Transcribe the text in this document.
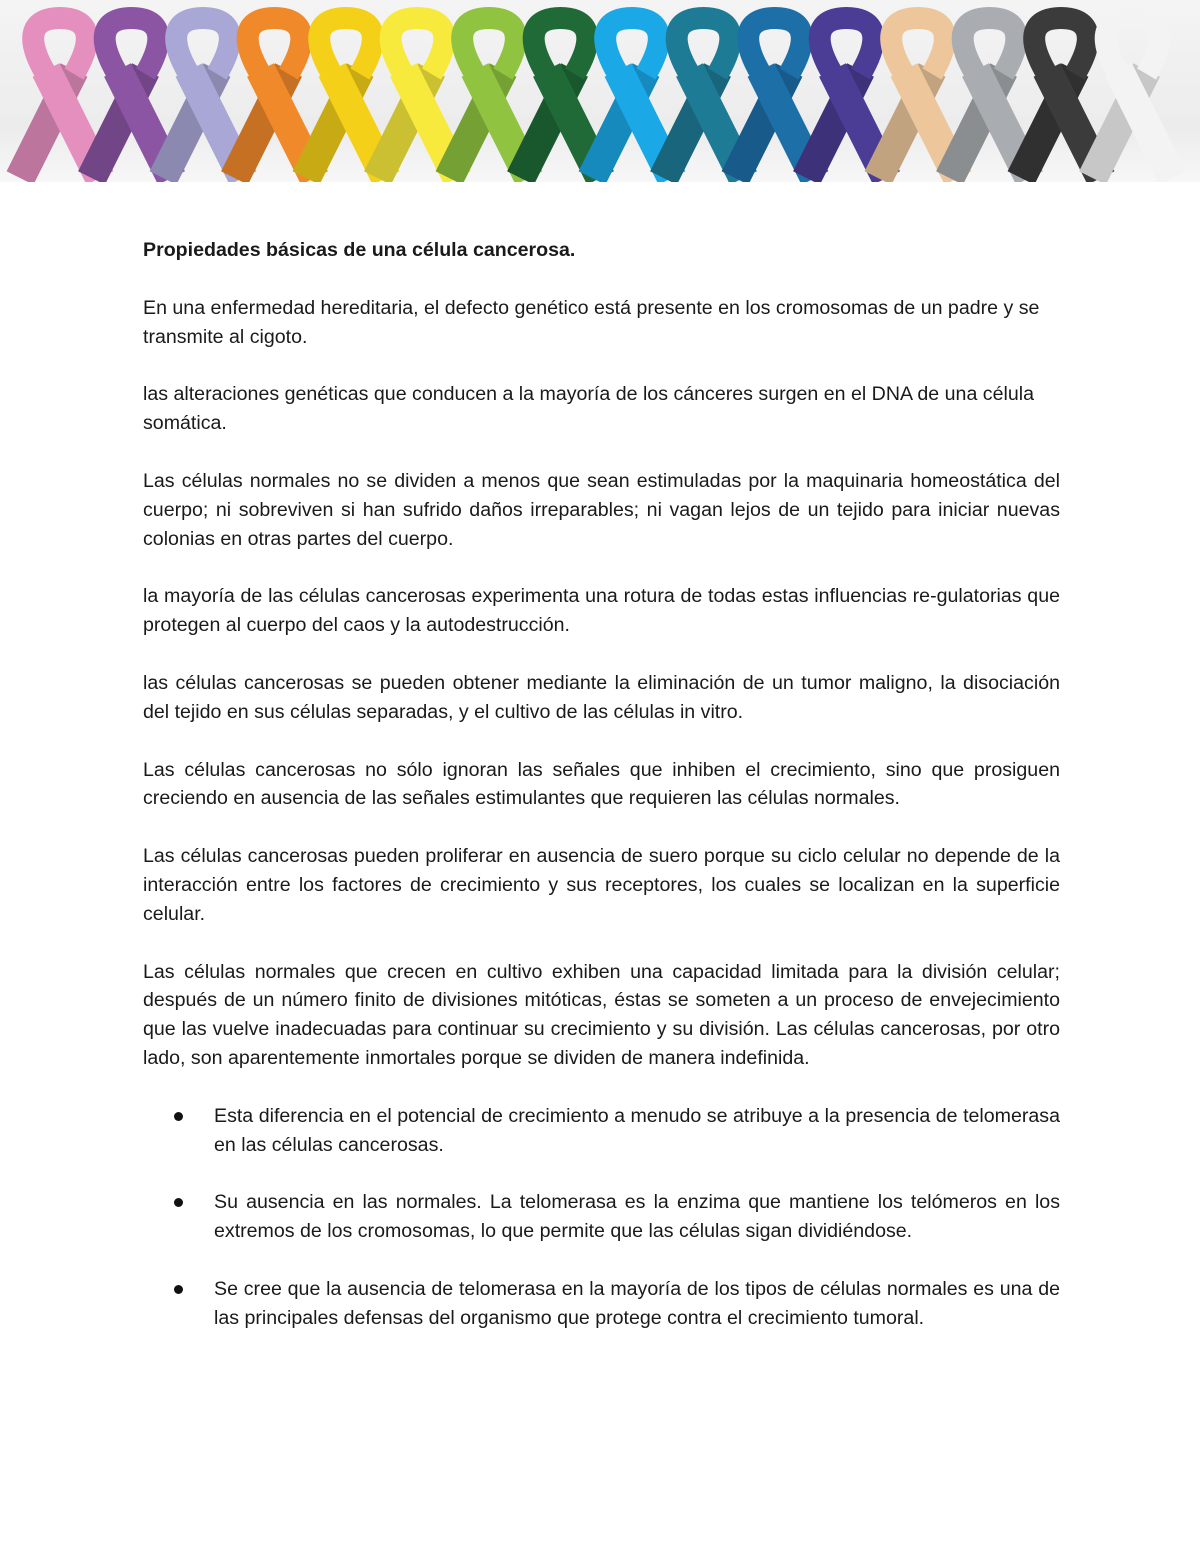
Propiedades básicas de una célula cancerosa.

En una enfermedad hereditaria, el defecto genético está presente en los cromosomas de un padre y se transmite al cigoto.

las alteraciones genéticas que conducen a la mayoría de los cánceres surgen en el DNA de una célula somática.

Las células normales no se dividen a menos que sean estimuladas por la maquinaria homeostática del cuerpo; ni sobreviven si han sufrido daños irreparables; ni vagan lejos de un tejido para iniciar nuevas colonias en otras partes del cuerpo.

la mayoría de las células cancerosas experimenta una rotura de todas estas influencias re-gulatorias que protegen al cuerpo del caos y la autodestrucción.

las células cancerosas se pueden obtener mediante la eliminación de un tumor maligno, la disociación del tejido en sus células separadas, y el cultivo de las células in vitro.

Las células cancerosas no sólo ignoran las señales que inhiben el crecimiento, sino que prosiguen creciendo en ausencia de las señales estimulantes que requieren las células normales.

Las células cancerosas pueden proliferar en ausencia de suero porque su ciclo celular no depende de la interacción entre los factores de crecimiento y sus receptores, los cuales se localizan en la superficie celular.

Las células normales que crecen en cultivo exhiben una capacidad limitada para la división celular; después de un número finito de divisiones mitóticas, éstas se someten a un proceso de envejecimiento que las vuelve inadecuadas para continuar su crecimiento y su división. Las células cancerosas, por otro lado, son aparentemente inmortales porque se dividen de manera indefinida.

Esta diferencia en el potencial de crecimiento a menudo se atribuye a la presencia de telomerasa en las células cancerosas.
Su ausencia en las normales. La telomerasa es la enzima que mantiene los telómeros en los extremos de los cromosomas, lo que permite que las células sigan dividiéndose.
Se cree que la ausencia de telomerasa en la mayoría de los tipos de células normales es una de las principales defensas del organismo que protege contra el crecimiento tumoral.
